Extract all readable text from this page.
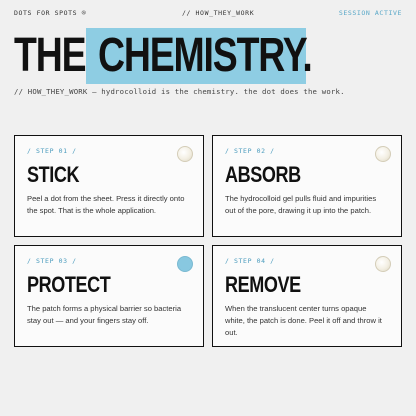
DOTS FOR SPOTS ®	// HOW_THEY_WORK	SESSION ACTIVE
THE CHEMISTRY.
// HOW_THEY_WORK — hydrocolloid is the chemistry. the dot does the work.
/ STEP 01 /
STICK

Peel a dot from the sheet. Press it directly onto the spot. That is the whole application.

/ STEP 02 /
ABSORB

The hydrocolloid gel pulls fluid and impurities out of the pore, drawing it up into the patch.

/ STEP 03 /
PROTECT

The patch forms a physical barrier so bacteria stay out — and your fingers stay off.

/ STEP 04 /
REMOVE

When the translucent center turns opaque white, the patch is done. Peel it off and throw it out.
